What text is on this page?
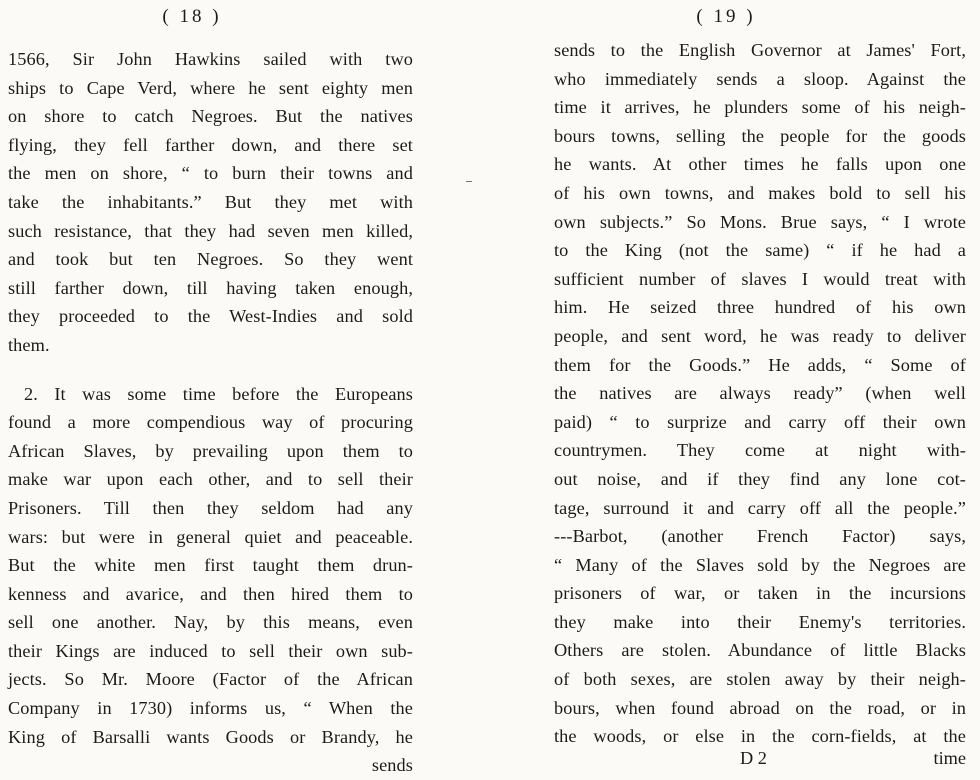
( 18 )
1566, Sir John Hawkins sailed with two
ships to Cape Verd, where he sent eighty men
on shore to catch Negroes. But the natives
flying, they fell farther down, and there set
the men on shore, “ to burn their towns and
take the inhabitants.” But they met with
such resistance, that they had seven men killed,
and took but ten Negroes. So they went
still farther down, till having taken enough,
they proceeded to the West-Indies and sold
them.
2. It was some time before the Europeans
found a more compendious way of procuring
African Slaves, by prevailing upon them to
make war upon each other, and to sell their
Prisoners. Till then they seldom had any
wars: but were in general quiet and peaceable.
But the white men first taught them drun-
kenness and avarice, and then hired them to
sell one another. Nay, by this means, even
their Kings are induced to sell their own sub-
jects. So Mr. Moore (Factor of the African
Company in 1730) informs us, “ When the
King of Barsalli wants Goods or Brandy, he
sends
( 19 )
sends to the English Governor at James' Fort,
who immediately sends a sloop. Against the
time it arrives, he plunders some of his neigh-
bours towns, selling the people for the goods
he wants. At other times he falls upon one
of his own towns, and makes bold to sell his
own subjects.” So Mons. Brue says, “ I wrote
to the King (not the same) “ if he had a
sufficient number of slaves I would treat with
him. He seized three hundred of his own
people, and sent word, he was ready to deliver
them for the Goods.” He adds, “ Some of
the natives are always ready” (when well
paid) “ to surprize and carry off their own
countrymen. They come at night with-
out noise, and if they find any lone cot-
tage, surround it and carry off all the people.”
---Barbot, (another French Factor) says,
“ Many of the Slaves sold by the Negroes are
prisoners of war, or taken in the incursions
they make into their Enemy's territories.
Others are stolen. Abundance of little Blacks
of both sexes, are stolen away by their neigh-
bours, when found abroad on the road, or in
the woods, or else in the corn-fields, at the
D 2	time
